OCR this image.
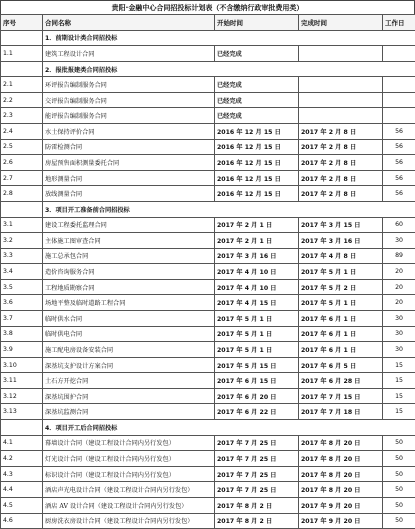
贵阳·金融中心合同招投标计划表（不含缴纳行政审批费用类）
序号	合同名称	开始时间	完成时间	工作日
	1．前期设计类合同招投标			
1.1	建筑工程设计合同	已经完成		
	2．报批报建类合同招投标			
2.1	环评报告编制服务合同	已经完成		
2.2	交评报告编制服务合同	已经完成		
2.3	能评报告编制服务合同	已经完成		
2.4	水土保持评价合同	2016 年 12 月 15 日	2017 年 2 月 8 日	56
2.5	防雷检测合同	2016 年 12 月 15 日	2017 年 2 月 8 日	56
2.6	房屋预售面积测量委托合同	2016 年 12 月 15 日	2017 年 2 月 8 日	56
2.7	地形测量合同	2016 年 12 月 15 日	2017 年 2 月 8 日	56
2.8	放线测量合同	2016 年 12 月 15 日	2017 年 2 月 8 日	56
	3．项目开工准备前合同招投标			
3.1	建设工程委托监理合同	2017 年 2 月 1 日	2017 年 3 月 15 日	60
3.2	主体施工图审查合同	2017 年 2 月 1 日	2017 年 3 月 16 日	30
3.3	施工总承包合同	2017 年 3 月 16 日	2017 年 4 月 8 日	89
3.4	造价咨询服务合同	2017 年 4 月 10 日	2017 年 5 月 1 日	20
3.5	工程地质勘察合同	2017 年 4 月 10 日	2017 年 5 月 2 日	20
3.6	场地平整及临时道路工程合同	2017 年 4 月 15 日	2017 年 5 月 1 日	20
3.7	临时供水合同	2017 年 5 月 1 日	2017 年 6 月 1 日	30
3.8	临时供电合同	2017 年 5 月 1 日	2017 年 6 月 1 日	30
3.9	施工配电房设备安装合同	2017 年 5 月 1 日	2017 年 6 月 1 日	30
3.10	深基坑支护设计方案合同	2017 年 5 月 15 日	2017 年 6 月 5 日	15
3.11	土石方开挖合同	2017 年 6 月 15 日	2017 年 6 月 28 日	15
3.12	深基坑围护合同	2017 年 6 月 20 日	2017 年 7 月 15 日	15
3.13	深基坑监测合同	2017 年 6 月 22 日	2017 年 7 月 18 日	15
	4．项目开工后合同招投标			
4.1	幕墙设计合同（建设工程设计合同内另行发包）	2017 年 7 月 25 日	2017 年 8 月 20 日	50
4.2	灯光设计合同（建设工程设计合同内另行发包）	2017 年 7 月 25 日	2017 年 8 月 20 日	50
4.3	标识设计合同（建设工程设计合同内另行发包）	2017 年 7 月 25 日	2017 年 8 月 20 日	50
4.4	酒店声光电设计合同（建设工程设计合同内另行发包）	2017 年 7 月 25 日	2017 年 8 月 20 日	50
4.5	酒店 AV 设计合同（建设工程设计合同内另行发包）	2017 年 8 月 2 日	2017 年 9 月 20 日	50
4.6	厨房洗衣房设计合同（建设工程设计合同内另行发包）	2017 年 8 月 2 日	2017 年 9 月 20 日	50
